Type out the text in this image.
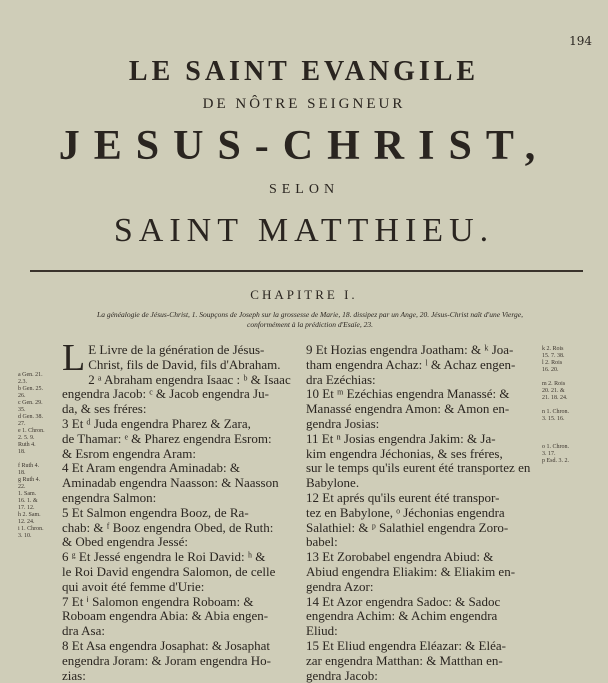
194
LE SAINT EVANGILE
DE NÔTRE SEIGNEUR
JESUS-CHRIST,
SELON
SAINT MATTHIEU.
CHAPITRE I.
La généalogie de Jésus-Christ, 1. Soupçons de Joseph sur la grossesse de Marie, 18. dissipez par un Ange, 20. Jésus-Christ naît d'une Vierge,
conformément à la prédiction d'Esaïe, 23.
a Gen. 21.
2.3.
b Gen. 25.
26.
c Gen. 29.
35.
d Gen. 38.
27.
e 1. Chron.
2. 5. 9.
Ruth 4.
18.

f Ruth 4.
18.
g Ruth 4.
22.
1. Sam.
16. 1. &
17. 12.
h 2. Sam.
12. 24.
i 1. Chron.
3. 10.
L E Livre de la génération de Jésus-
Christ, fils de David, fils d'Abraham.
2 ᵃ Abraham engendra Isaac : ᵇ & Isaac
engendra Jacob: ᶜ & Jacob engendra Ju-
da, & ses fréres:
3 Et ᵈ Juda engendra Pharez & Zara,
de Thamar: ᵉ & Pharez engendra Esrom:
& Esrom engendra Aram:
4 Et Aram engendra Aminadab: &
Aminadab engendra Naasson: & Naasson
engendra Salmon:
5 Et Salmon engendra Booz, de Ra-
chab: & ᶠ Booz engendra Obed, de Ruth:
& Obed engendra Jessé:
6 ᵍ Et Jessé engendra le Roi David: ʰ &
le Roi David engendra Salomon, de celle
qui avoit été femme d'Urie:
7 Et ⁱ Salomon engendra Roboam: &
Roboam engendra Abia: & Abia engen-
dra Asa:
8 Et Asa engendra Josaphat: & Josaphat
engendra Joram: & Joram engendra Ho-
zias:
9 Et Hozias engendra Joatham: & ᵏ Joa-
tham engendra Achaz: ˡ & Achaz engen-
dra Ezéchias:
10 Et ᵐ Ezéchias engendra Manassé: &
Manassé engendra Amon: & Amon en-
gendra Josias:
11 Et ⁿ Josias engendra Jakim: & Ja-
kim engendra Jéchonias, & ses fréres,
sur le temps qu'ils eurent été transportez en
Babylone.
12 Et aprés qu'ils eurent été transpor-
tez en Babylone, ᵒ Jéchonias engendra
Salathiel: & ᵖ Salathiel engendra Zoro-
babel:
13 Et Zorobabel engendra Abiud: &
Abiud engendra Eliakim: & Eliakim en-
gendra Azor:
14 Et Azor engendra Sadoc: & Sadoc
engendra Achim: & Achim engendra
Eliud:
15 Et Eliud engendra Eléazar: & Eléa-
zar engendra Matthan: & Matthan en-
gendra Jacob:
k 2. Rois
15. 7. 38.
l 2. Rois
16. 20.

m 2. Rois
20. 21. &
21. 18. 24.

n 1. Chron.
3. 15. 16.

o 1. Chron.
3. 17.
p Esd. 3. 2.
